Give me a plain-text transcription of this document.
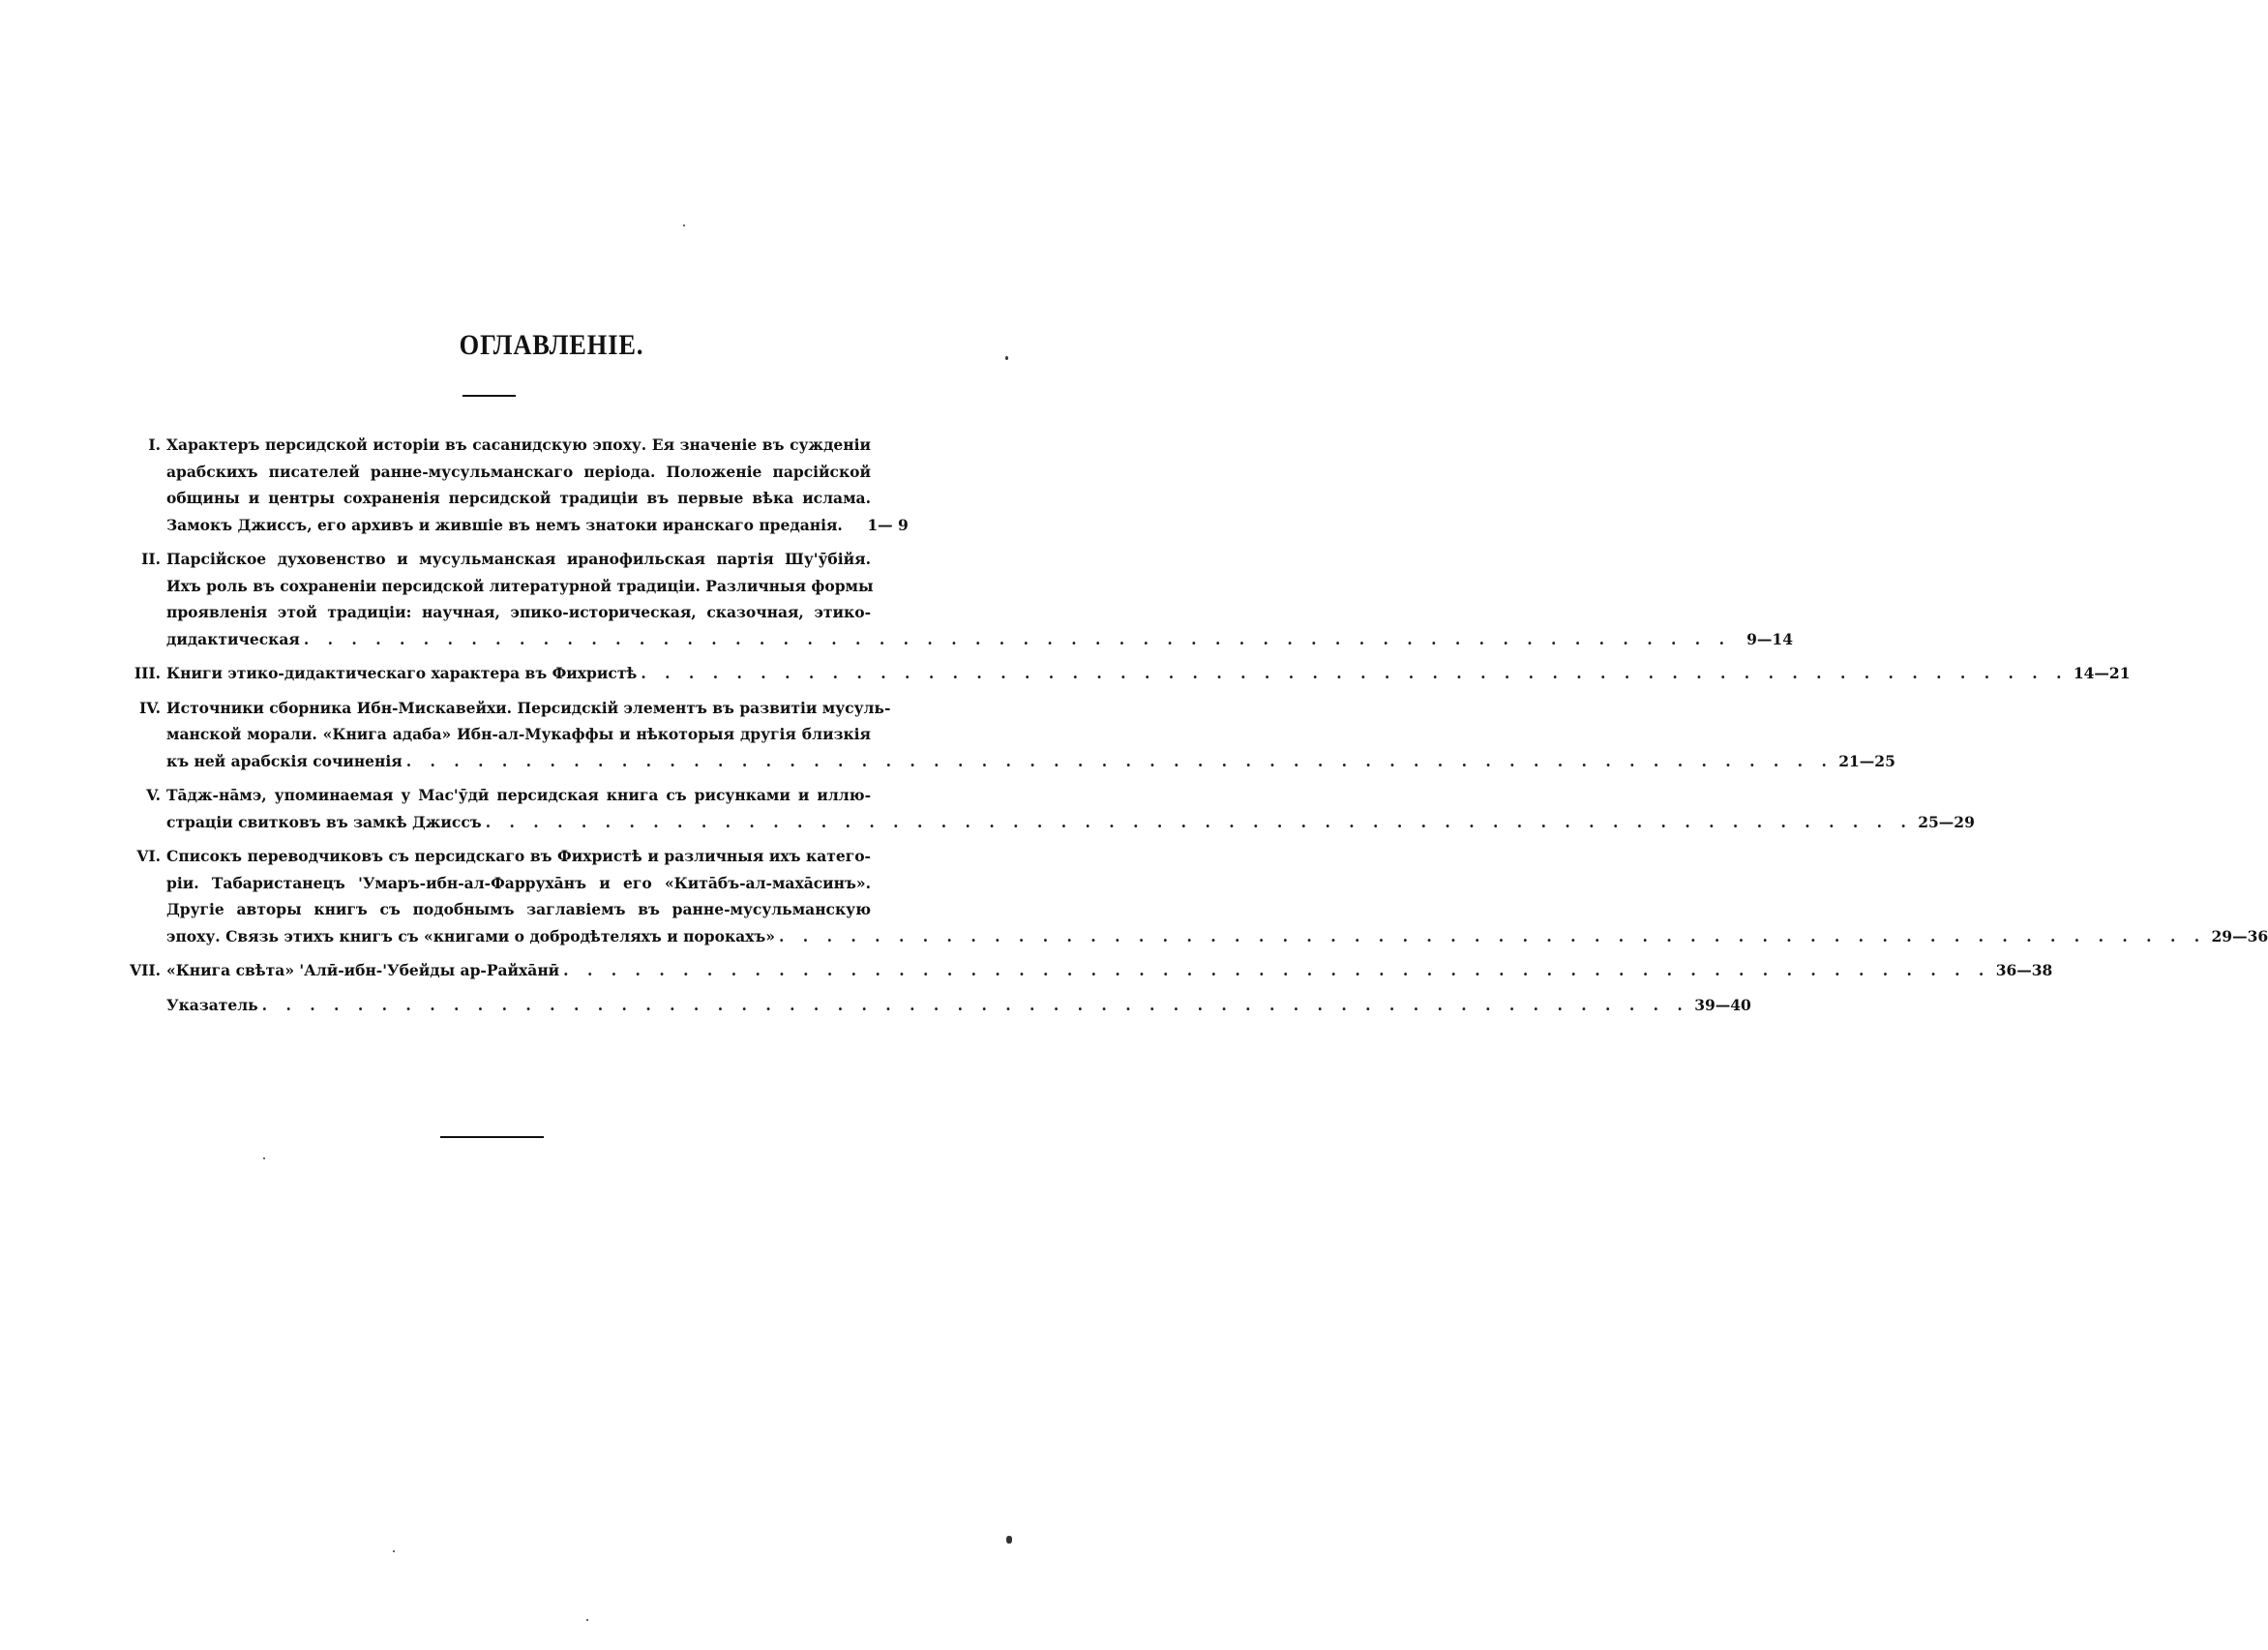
ОГЛАВЛЕНІЕ.
I. Характеръ персидской исторіи въ сасанидскую эпоху. Ея значеніе въ сужденіи
арабскихъ писателей ранне-мусульманскаго періода. Положеніе парсійской
общины и центры сохраненія персидской традиціи въ первые вѣка ислама.
Замокъ Джиссъ, его архивъ и жившіе въ немъ знатоки иранскаго преданія.	1— 9
II. Парсійское духовенство и мусульманская иранофильская партія Шу'ӯбійя.
Ихъ роль въ сохраненіи персидской литературной традиціи. Различныя формы
проявленія этой традиціи: научная, эпико-историческая, сказочная, этико-
дидактическая . . . . . . . . . . . . . . . . . . . . . . . . . . . . . . . . . . . . . . . . . . . . . . . . . . . . . . . . . . . .	9—14
III. Книги этико-дидактическаго характера въ Фихристѣ . . . . . . . . . . . . . . . . . . . . . . . . . . . . . . . . . . . . . . . . . . . . . . . . . . . . . . . . . . . . 14—21
IV. Источники сборника Ибн-Мискавейхи. Персидскій элементъ въ развитіи мусуль-
манской морали. «Книга адаба» Ибн-ал-Мукаффы и нѣкоторыя другія близкія
къ ней арабскія сочиненія . . . . . . . . . . . . . . . . . . . . . . . . . . . . . . . . . . . . . . . . . . . . . . . . . . . . . . . . . . . . 21—25
V. Тāдж-нāмэ, упоминаемая у Мас'ӯдӣ персидская книга съ рисунками и иллю-
страціи свитковъ въ замкѣ Джиссъ . . . . . . . . . . . . . . . . . . . . . . . . . . . . . . . . . . . . . . . . . . . . . . . . . . . . . . . . . . . . 25—29
VI. Списокъ переводчиковъ съ персидскаго въ Фихристѣ и различныя ихъ катего-
ріи. Табаристанецъ 'Умаръ-ибн-ал-Фаррухāнъ и его «Китāбъ-ал-махāсинъ».
Другіе авторы книгъ съ подобнымъ заглавіемъ въ ранне-мусульманскую
эпоху. Связь этихъ книгъ съ «книгами о добродѣтеляхъ и порокахъ» . . . . . . . . . . . . . . . . . . . . . . . . . . . . . . . . . . . . . . . . . . . . . . . . . . . . . . . . . . . . 29—36
VII. «Книга свѣта» 'Алӣ-ибн-'Убейды ар-Райхāнӣ . . . . . . . . . . . . . . . . . . . . . . . . . . . . . . . . . . . . . . . . . . . . . . . . . . . . . . . . . . . . 36—38
Указатель . . . . . . . . . . . . . . . . . . . . . . . . . . . . . . . . . . . . . . . . . . . . . . . . . . . . . . . . . . . . 39—40
